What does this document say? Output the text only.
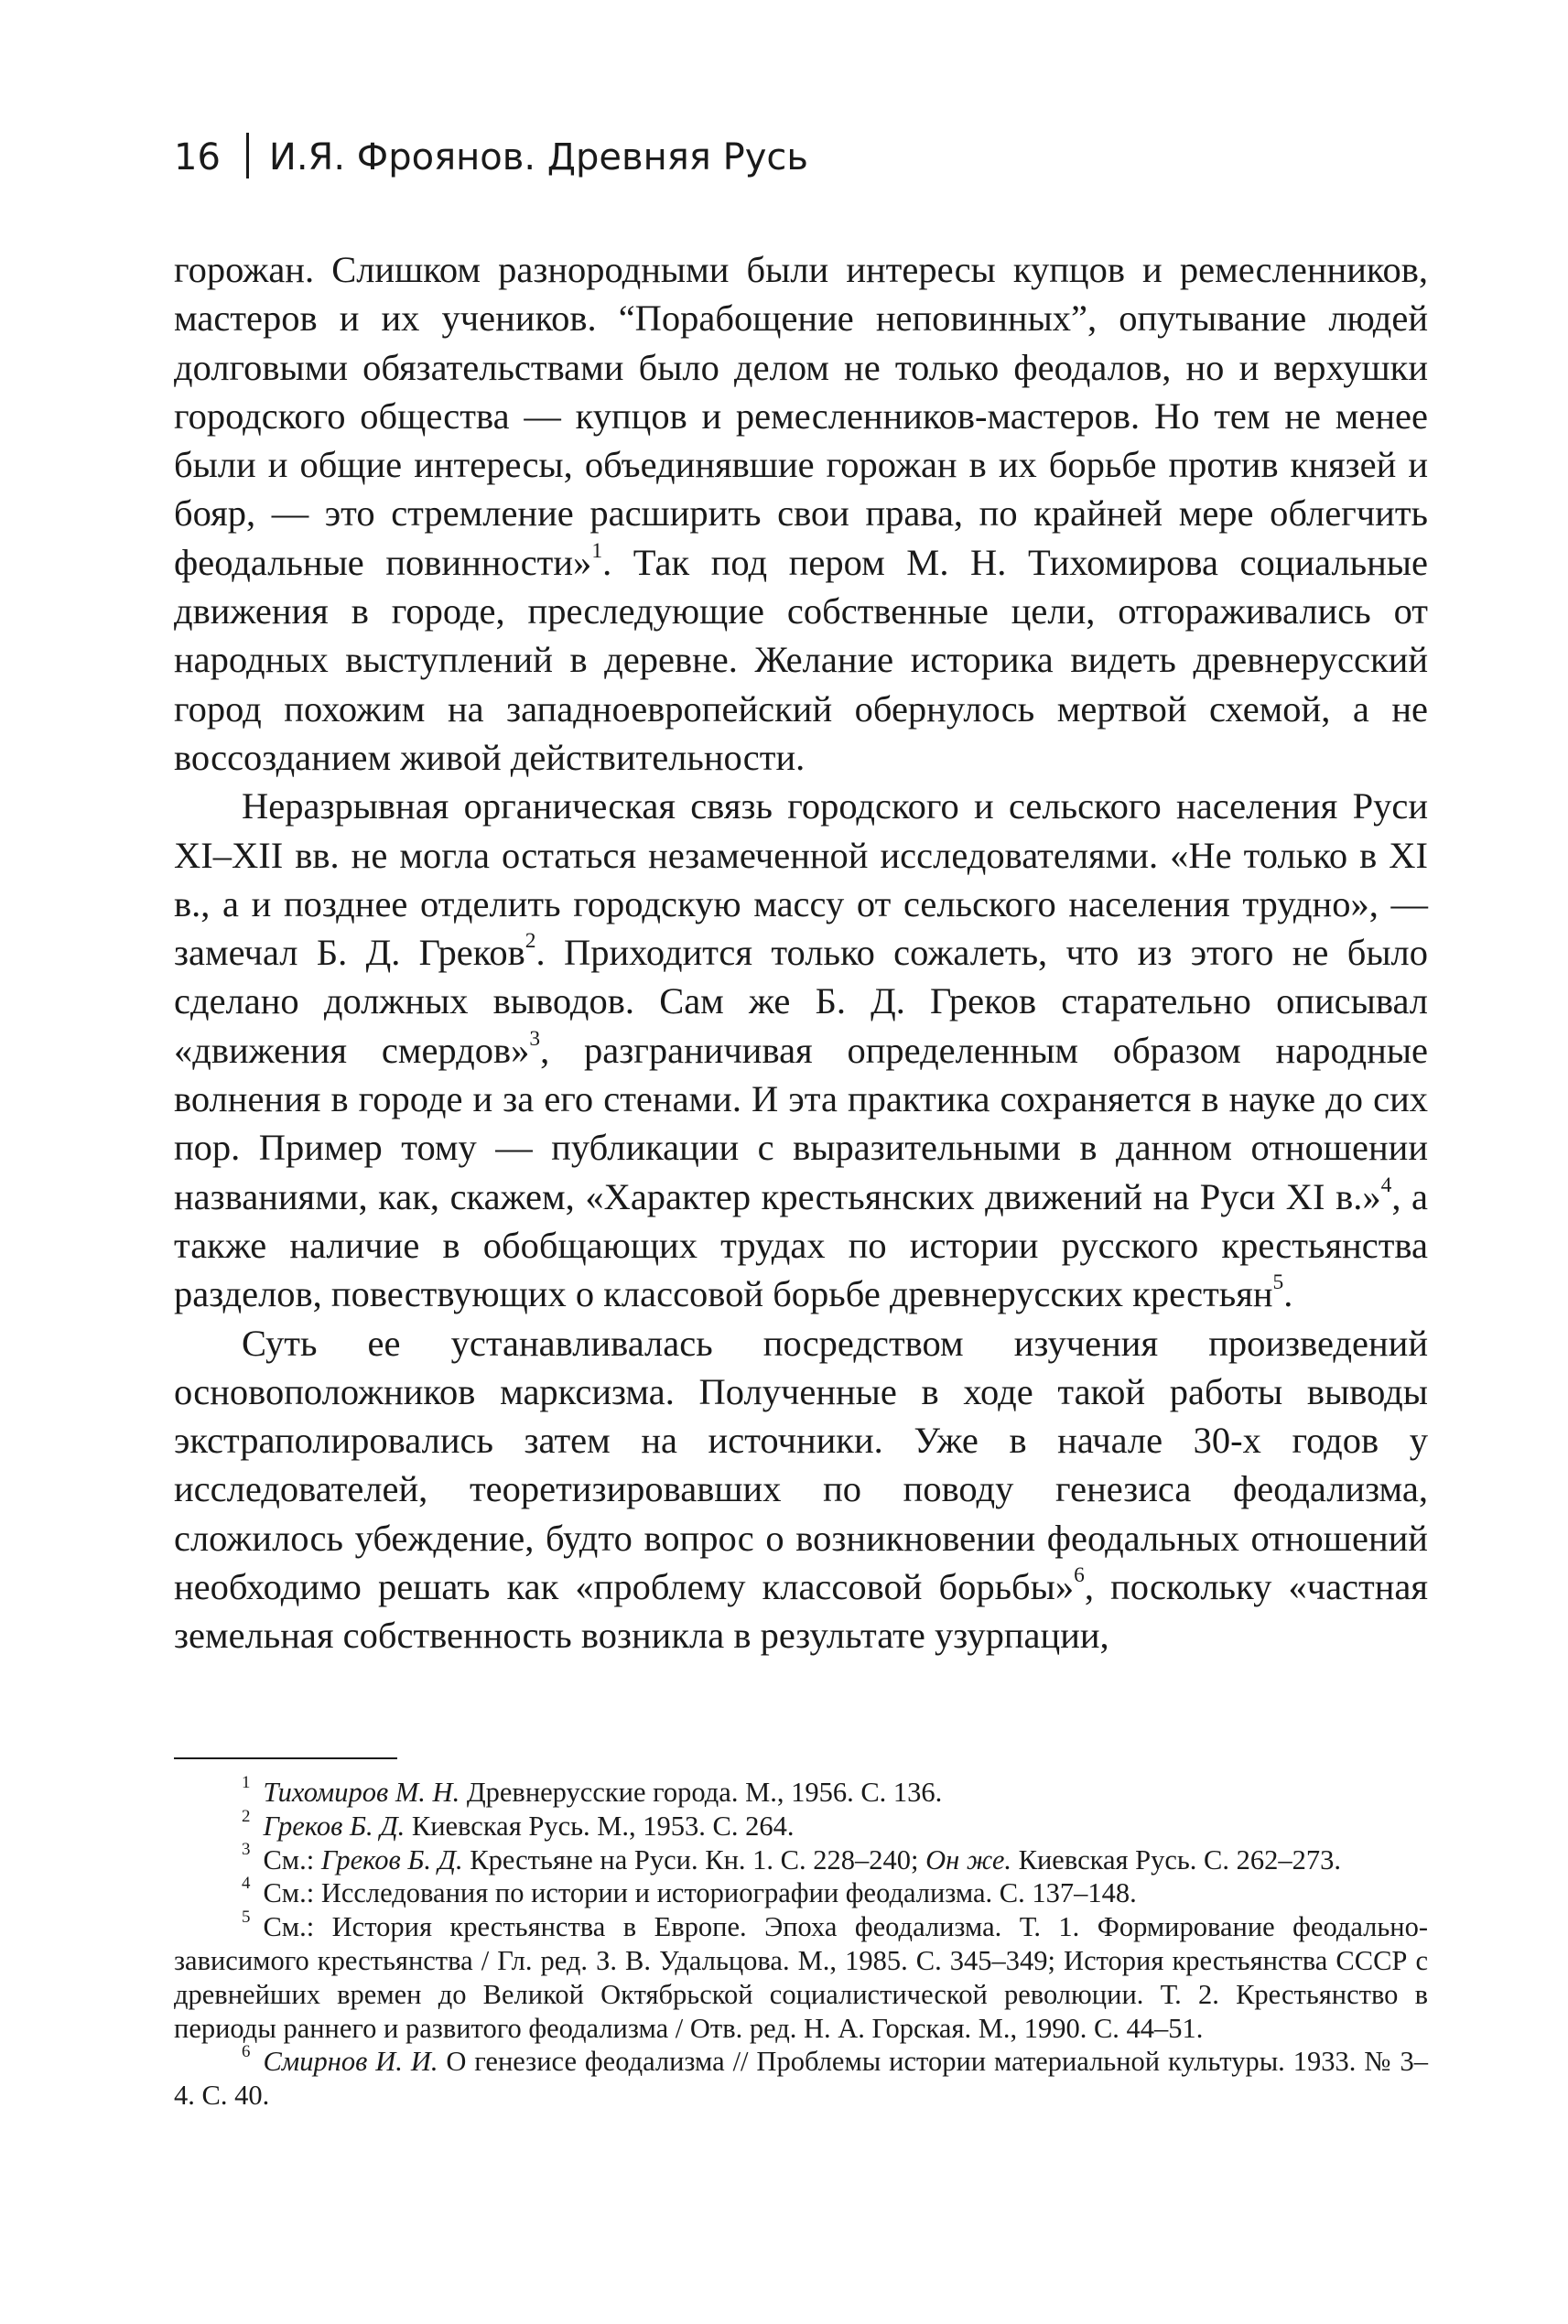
16 И.Я. Фроянов. Древняя Русь

горожан. Слишком разнородными были интересы купцов и ремесленников, мастеров и их учеников. “Порабощение неповинных”, опутывание людей долговыми обязательствами было делом не только феодалов, но и верхушки городского общества — купцов и ремесленников-мастеров. Но тем не менее были и общие интересы, объединявшие горожан в их борьбе против князей и бояр, — это стремление расширить свои права, по крайней мере облегчить феодальные повинности»$^1$. Так под пером М. Н. Тихомирова социальные движения в городе, преследующие собственные цели, отгораживались от народных выступлений в деревне. Желание историка видеть древнерусский город похожим на западноевропейский обернулось мертвой схемой, а не воссозданием живой действительности.

Неразрывная органическая связь городского и сельского населения Руси XI–XII вв. не могла остаться незамеченной исследователями. «Не только в XI в., а и позднее отделить городскую массу от сельского населения трудно», — замечал Б. Д. Греков$^2$. Приходится только сожалеть, что из этого не было сделано должных выводов. Сам же Б. Д. Греков старательно описывал «движения смердов»$^3$, разграничивая определенным образом народные волнения в городе и за его стенами. И эта практика сохраняется в науке до сих пор. Пример тому — публикации с выразительными в данном отношении названиями, как, скажем, «Характер крестьянских движений на Руси XI в.»$^4$, а также наличие в обобщающих трудах по истории русского крестьянства разделов, повествующих о классовой борьбе древнерусских крестьян$^5$.

Суть ее устанавливалась посредством изучения произведений основоположников марксизма. Полученные в ходе такой работы выводы экстраполировались затем на источники. Уже в начале 30-х годов у исследователей, теоретизировавших по поводу генезиса феодализма, сложилось убеждение, будто вопрос о возникновении феодальных отношений необходимо решать как «проблему классовой борьбы»$^6$, поскольку «частная земельная собственность возникла в результате узурпации,

$^1$ Тихомиров М. Н. Древнерусские города. М., 1956. С. 136.

$^2$ Греков Б. Д. Киевская Русь. М., 1953. С. 264.

$^3$ См.: Греков Б. Д. Крестьяне на Руси. Кн. 1. С. 228–240; Он же. Киевская Русь. С. 262–273.

$^4$ См.: Исследования по истории и историографии феодализма. С. 137–148.

$^5$ См.: История крестьянства в Европе. Эпоха феодализма. Т. 1. Формирование феодально-зависимого крестьянства / Гл. ред. З. В. Удальцова. М., 1985. С. 345–349; История крестьянства СССР с древнейших времен до Великой Октябрьской социалистической революции. Т. 2. Крестьянство в периоды раннего и развитого феодализма / Отв. ред. Н. А. Горская. М., 1990. С. 44–51.

$^6$ Смирнов И. И. О генезисе феодализма // Проблемы истории материальной культуры. 1933. № 3–4. С. 40.
